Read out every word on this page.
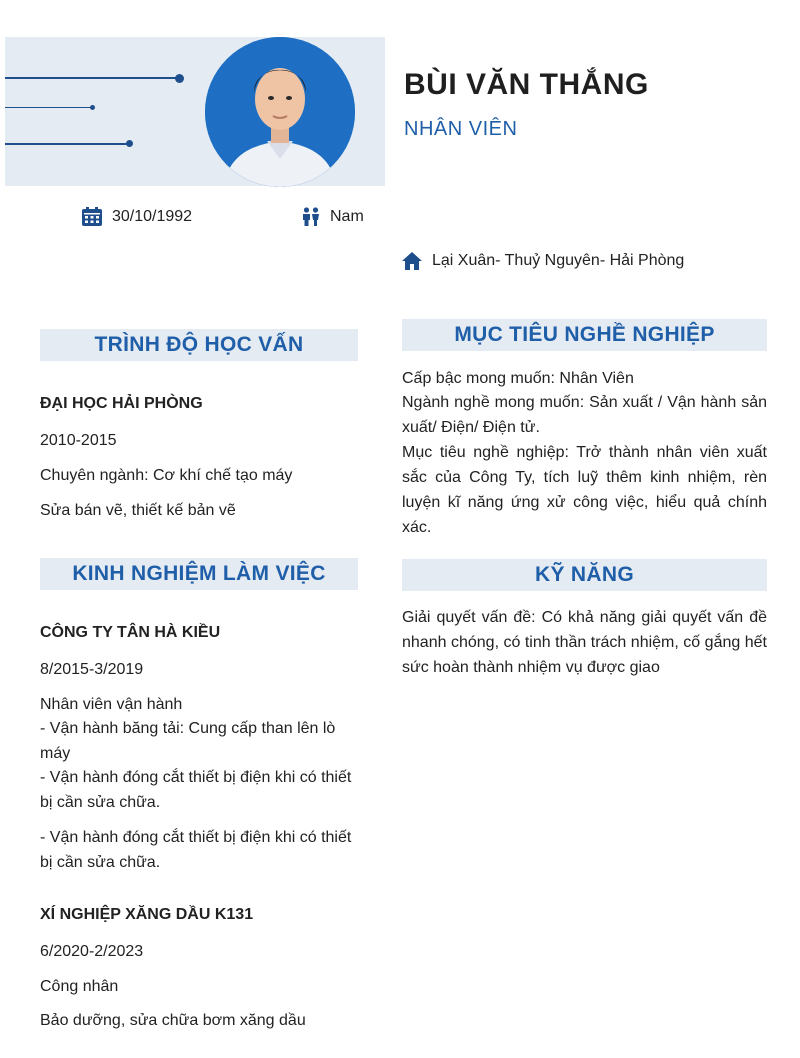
BÙI VĂN THẮNG
NHÂN VIÊN
30/10/1992	Nam
Lại Xuân- Thuỷ Nguyên- Hải Phòng
TRÌNH ĐỘ HỌC VẤN
ĐẠI HỌC HẢI PHÒNG
2010-2015
Chuyên ngành: Cơ khí chế tạo máy
Sửa bán vẽ, thiết kế bản vẽ
KINH NGHIỆM LÀM VIỆC
CÔNG TY TÂN HÀ KIỀU
8/2015-3/2019
Nhân viên vận hành
- Vận hành băng tải: Cung cấp than lên lò máy
- Vận hành đóng cắt thiết bị điện khi có thiết bị cần sửa chữa.
- Vận hành đóng cắt thiết bị điện khi có thiết bị cần sửa chữa.
XÍ NGHIỆP XĂNG DẦU K131
6/2020-2/2023
Công nhân
Bảo dưỡng, sửa chữa bơm xăng dầu
MỤC TIÊU NGHỀ NGHIỆP
Cấp bậc mong muốn: Nhân Viên
Ngành nghề mong muốn: Sản xuất / Vận hành sản xuất/ Điện/ Điện tử.
Mục tiêu nghề nghiệp: Trở thành nhân viên xuất sắc của Công Ty, tích luỹ thêm kinh nhiệm, rèn luyện kĩ năng ứng xử công việc, hiểu quả chính xác.
KỸ NĂNG
Giải quyết vấn đề: Có khả năng giải quyết vấn đề nhanh chóng, có tinh thần trách nhiệm, cố gắng hết sức hoàn thành nhiệm vụ được giao
